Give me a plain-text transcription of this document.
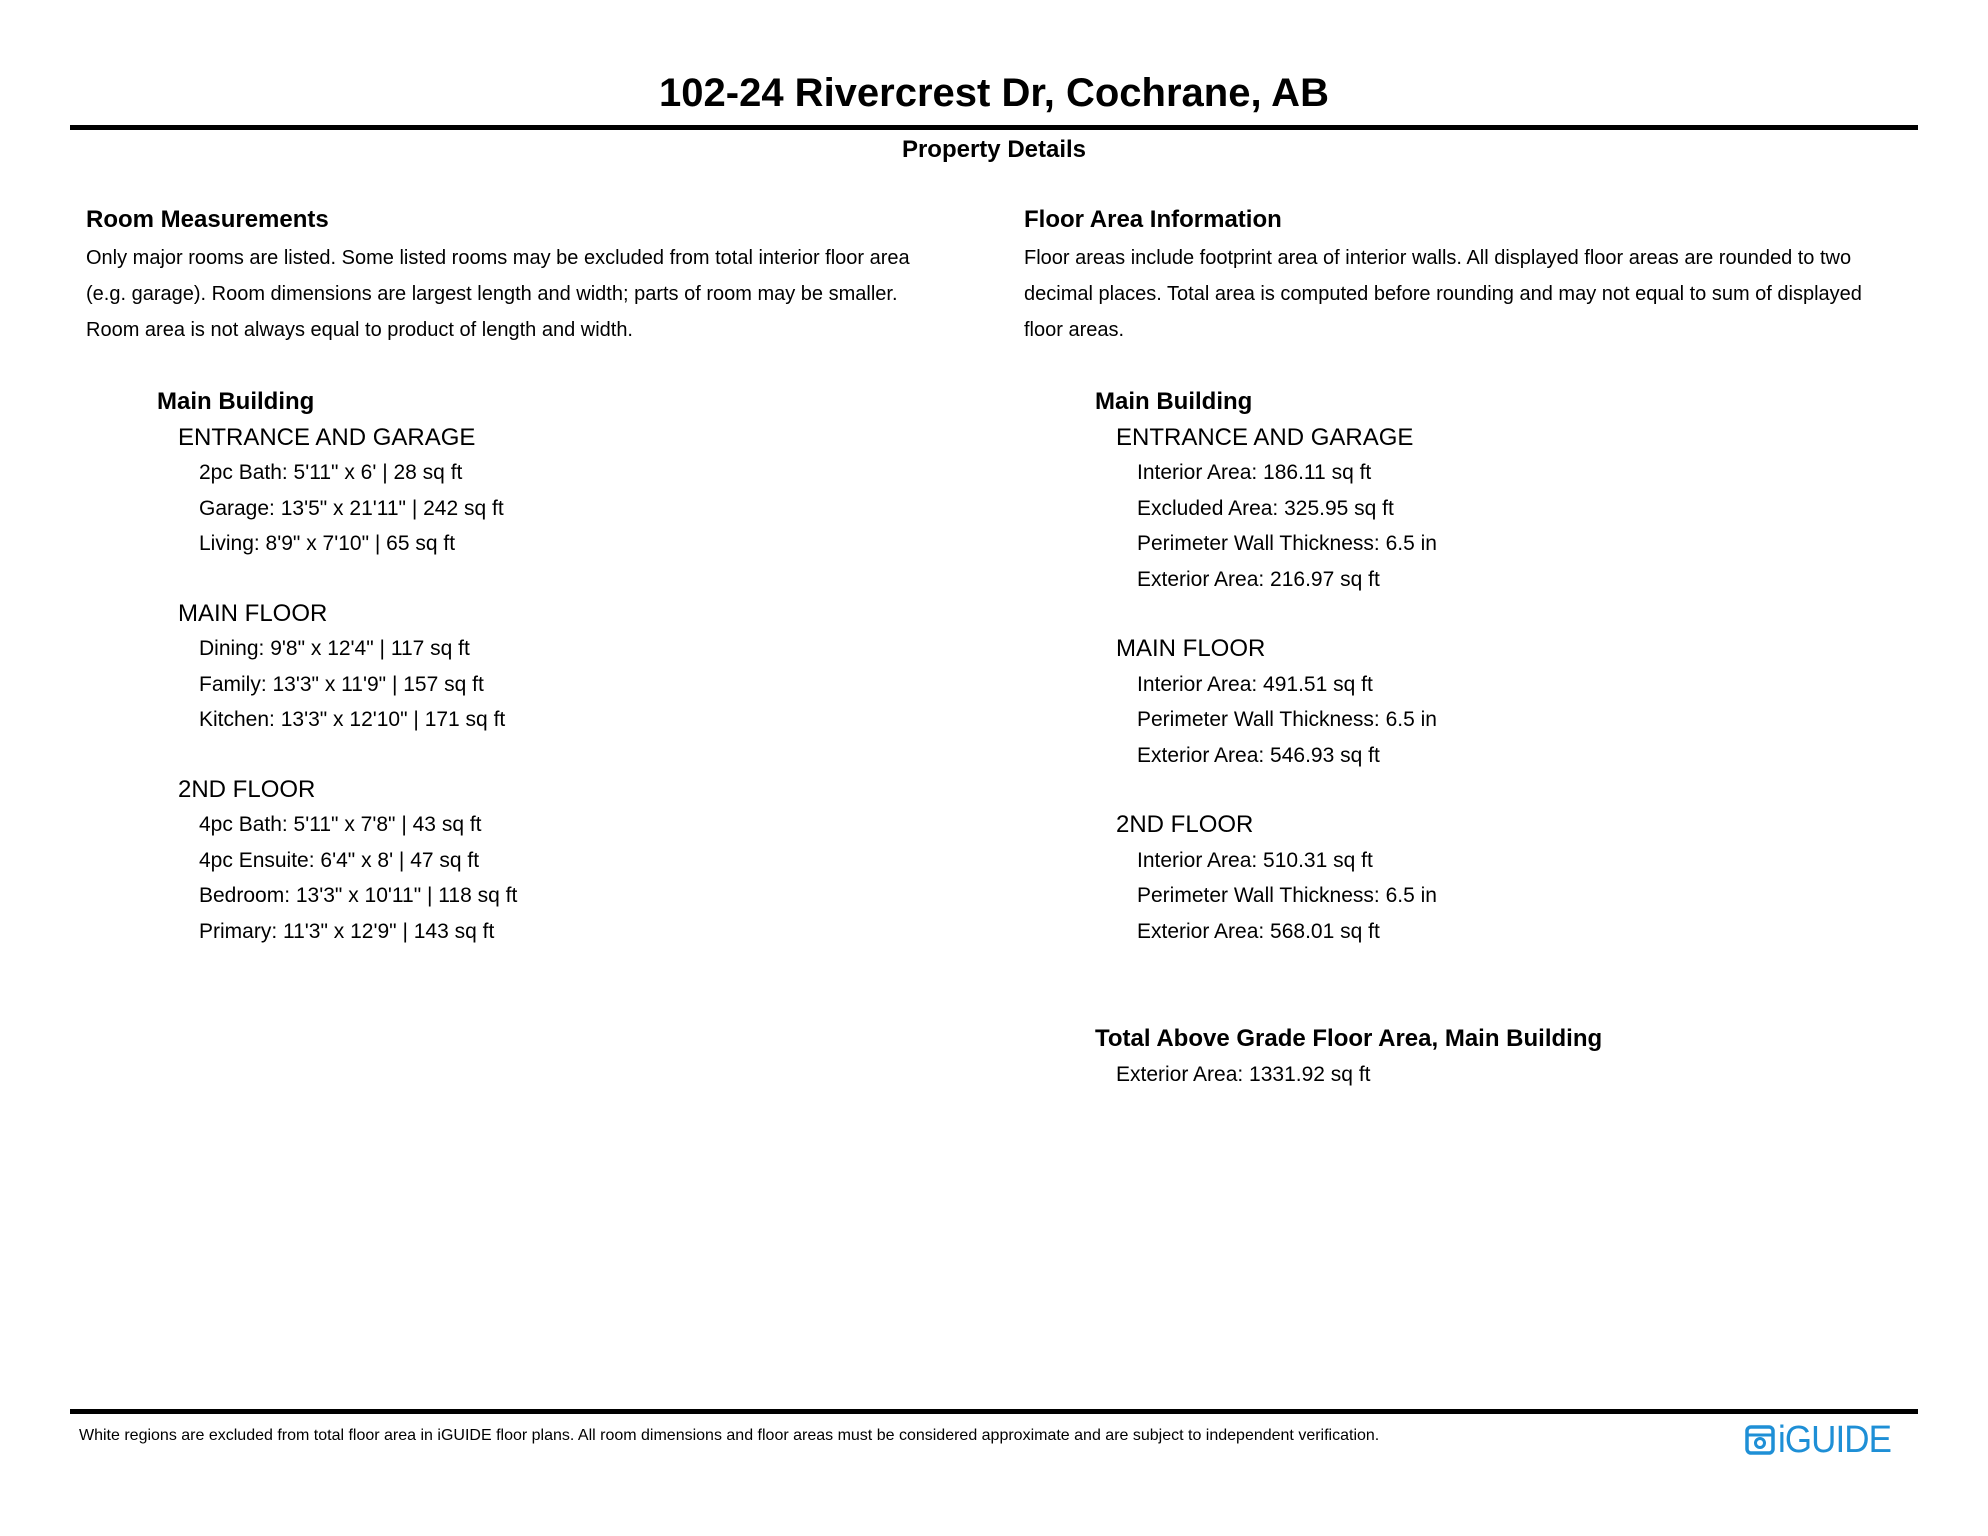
102-24 Rivercrest Dr, Cochrane, AB
Property Details
Room Measurements
Only major rooms are listed. Some listed rooms may be excluded from total interior floor area
(e.g. garage). Room dimensions are largest length and width; parts of room may be smaller.
Room area is not always equal to product of length and width.
Main Building
ENTRANCE AND GARAGE
2pc Bath: 5'11" x 6' | 28 sq ft
Garage: 13'5" x 21'11" | 242 sq ft
Living: 8'9" x 7'10" | 65 sq ft
MAIN FLOOR
Dining: 9'8" x 12'4" | 117 sq ft
Family: 13'3" x 11'9" | 157 sq ft
Kitchen: 13'3" x 12'10" | 171 sq ft
2ND FLOOR
4pc Bath: 5'11" x 7'8" | 43 sq ft
4pc Ensuite: 6'4" x 8' | 47 sq ft
Bedroom: 13'3" x 10'11" | 118 sq ft
Primary: 11'3" x 12'9" | 143 sq ft
Floor Area Information
Floor areas include footprint area of interior walls. All displayed floor areas are rounded to two
decimal places. Total area is computed before rounding and may not equal to sum of displayed
floor areas.
Main Building
ENTRANCE AND GARAGE
Interior Area: 186.11 sq ft
Excluded Area: 325.95 sq ft
Perimeter Wall Thickness: 6.5 in
Exterior Area: 216.97 sq ft
MAIN FLOOR
Interior Area: 491.51 sq ft
Perimeter Wall Thickness: 6.5 in
Exterior Area: 546.93 sq ft
2ND FLOOR
Interior Area: 510.31 sq ft
Perimeter Wall Thickness: 6.5 in
Exterior Area: 568.01 sq ft
Total Above Grade Floor Area, Main Building
Exterior Area: 1331.92 sq ft
White regions are excluded from total floor area in iGUIDE floor plans. All room dimensions and floor areas must be considered approximate and are subject to independent verification.	iGUIDE
